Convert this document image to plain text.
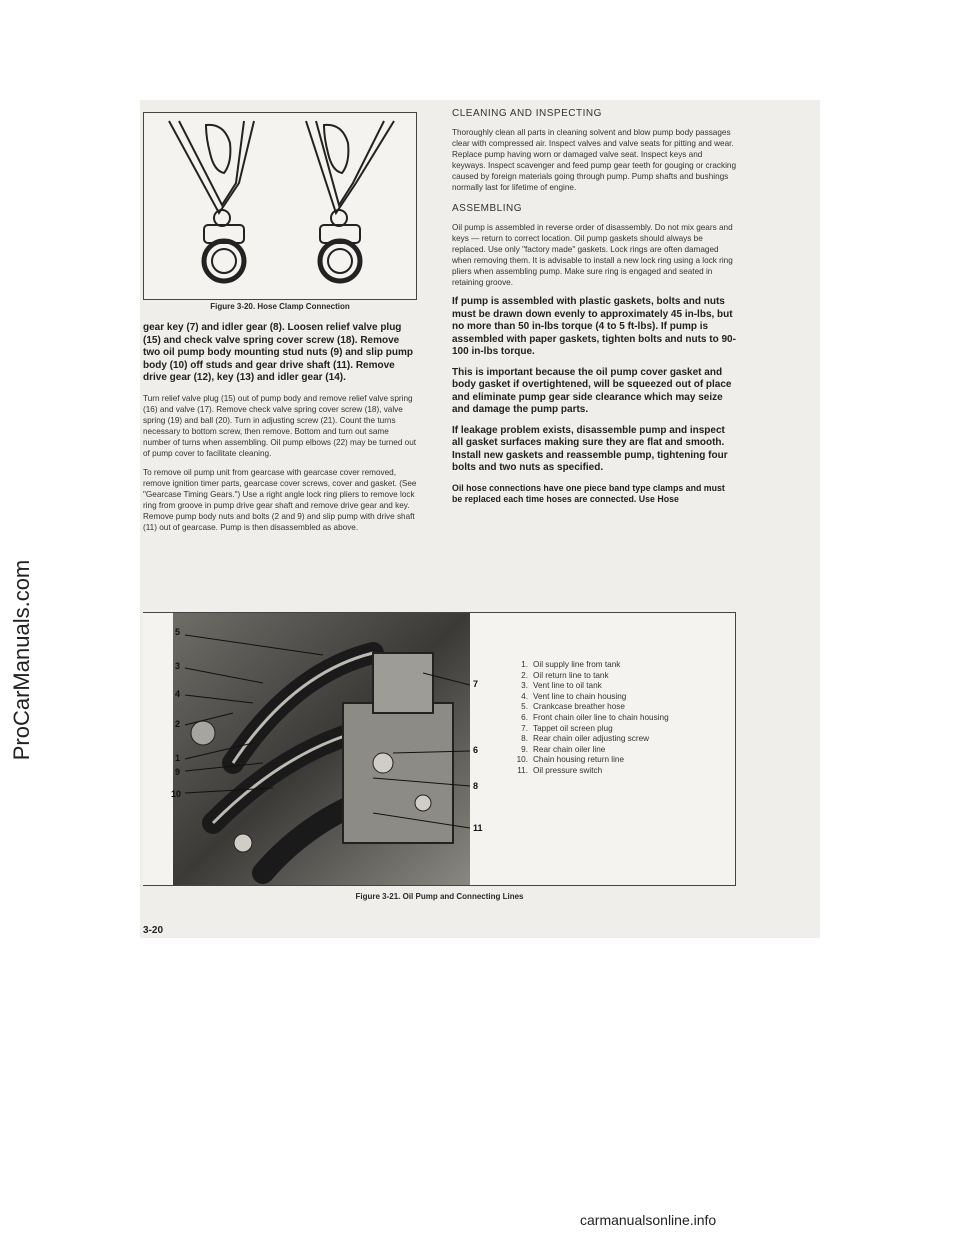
ProCarManuals.com
Figure 3-20. Hose Clamp Connection

gear key (7) and idler gear (8). Loosen relief valve plug (15) and check valve spring cover screw (18). Remove two oil pump body mounting stud nuts (9) and slip pump body (10) off studs and gear drive shaft (11). Remove drive gear (12), key (13) and idler gear (14).

Turn relief valve plug (15) out of pump body and remove relief valve spring (16) and valve (17). Remove check valve spring cover screw (18), valve spring (19) and ball (20). Turn in adjusting screw (21). Count the turns necessary to bottom screw, then remove. Bottom and turn out same number of turns when assembling. Oil pump elbows (22) may be turned out of pump cover to facilitate cleaning.

To remove oil pump unit from gearcase with gearcase cover removed, remove ignition timer parts, gearcase cover screws, cover and gasket. (See "Gearcase Timing Gears.") Use a right angle lock ring pliers to remove lock ring from groove in pump drive gear shaft and remove drive gear and key. Remove pump body nuts and bolts (2 and 9) and slip pump with drive shaft (11) out of gearcase. Pump is then disassembled as above.

CLEANING AND INSPECTING

Thoroughly clean all parts in cleaning solvent and blow pump body passages clear with compressed air. Inspect valves and valve seats for pitting and wear. Replace pump having worn or damaged valve seat. Inspect keys and keyways. Inspect scavenger and feed pump gear teeth for gouging or cracking caused by foreign materials going through pump. Pump shafts and bushings normally last for lifetime of engine.

ASSEMBLING

Oil pump is assembled in reverse order of disassembly. Do not mix gears and keys — return to correct location. Oil pump gaskets should always be replaced. Use only "factory made" gaskets. Lock rings are often damaged when removing them. It is advisable to install a new lock ring using a lock ring pliers when assembling pump. Make sure ring is engaged and seated in retaining groove.

If pump is assembled with plastic gaskets, bolts and nuts must be drawn down evenly to approximately 45 in-lbs, but no more than 50 in-lbs torque (4 to 5 ft-lbs). If pump is assembled with paper gaskets, tighten bolts and nuts to 90-100 in-lbs torque.

This is important because the oil pump cover gasket and body gasket if overtightened, will be squeezed out of place and eliminate pump gear side clearance which may seize and damage the pump parts.

If leakage problem exists, disassemble pump and inspect all gasket surfaces making sure they are flat and smooth. Install new gaskets and reassemble pump, tightening four bolts and two nuts as specified.

Oil hose connections have one piece band type clamps and must be replaced each time hoses are connected. Use Hose

5
3
4
2
1
9
10
7
6
8
11
1. Oil supply line from tank
2. Oil return line to tank
3. Vent line to oil tank
4. Vent line to chain housing
5. Crankcase breather hose
6. Front chain oiler line to chain housing
7. Tappet oil screen plug
8. Rear chain oiler adjusting screw
9. Rear chain oiler line
10. Chain housing return line
11. Oil pressure switch
Figure 3-21. Oil Pump and Connecting Lines
3-20
carmanualsonline.info
